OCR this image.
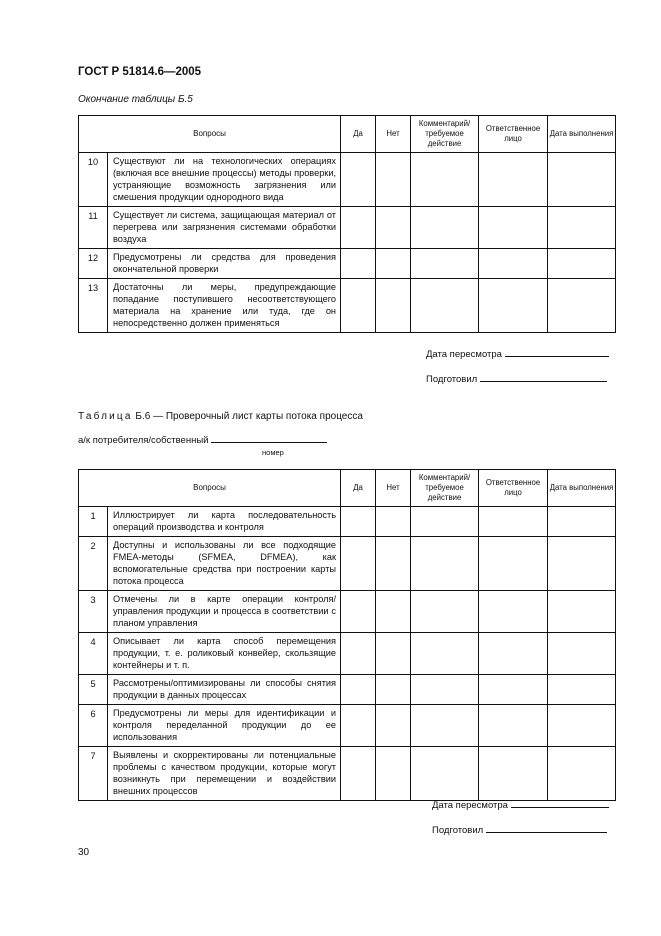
ГОСТ Р 51814.6—2005
Окончание таблицы Б.5
Вопросы		Да	Нет	Комментарий/ требуемое действие	Ответственное лицо	Дата выполнения
10	Существуют ли на технологических операциях (включая все внешние процессы) методы проверки, устраняющие возможность загрязнения или смешения продукции однородного вида					
11	Существует ли система, защищающая материал от перегрева или загрязнения системами обработки воздуха					
12	Предусмотрены ли средства для проведения окончательной проверки					
13	Достаточны ли меры, предупреждающие попадание поступившего несоответствующего материала на хранение или туда, где он непосредственно должен применяться					
Дата пересмотра
Подготовил
Таблица Б.6 — Проверочный лист карты потока процесса
а/к потребителя/собственный
номер
Вопросы		Да	Нет	Комментарий/ требуемое действие	Ответственное лицо	Дата выполнения
1	Иллюстрирует ли карта последовательность операций производства и контроля					
2	Доступны и использованы ли все подходящие FMEA-методы (SFMEA, DFMEA), как вспомогательные средства при построении карты потока процесса					
3	Отмечены ли в карте операции контроля/управления продукции и процесса в соответствии с планом управления					
4	Описывает ли карта способ перемещения продукции, т. е. роликовый конвейер, скользящие контейнеры и т. п.					
5	Рассмотрены/оптимизированы ли способы снятия продукции в данных процессах					
6	Предусмотрены ли меры для идентификации и контроля переделанной продукции до ее использования					
7	Выявлены и скорректированы ли потенциальные проблемы с качеством продукции, которые могут возникнуть при перемещении и воздействии внешних процессов					
Дата пересмотра
Подготовил
30
